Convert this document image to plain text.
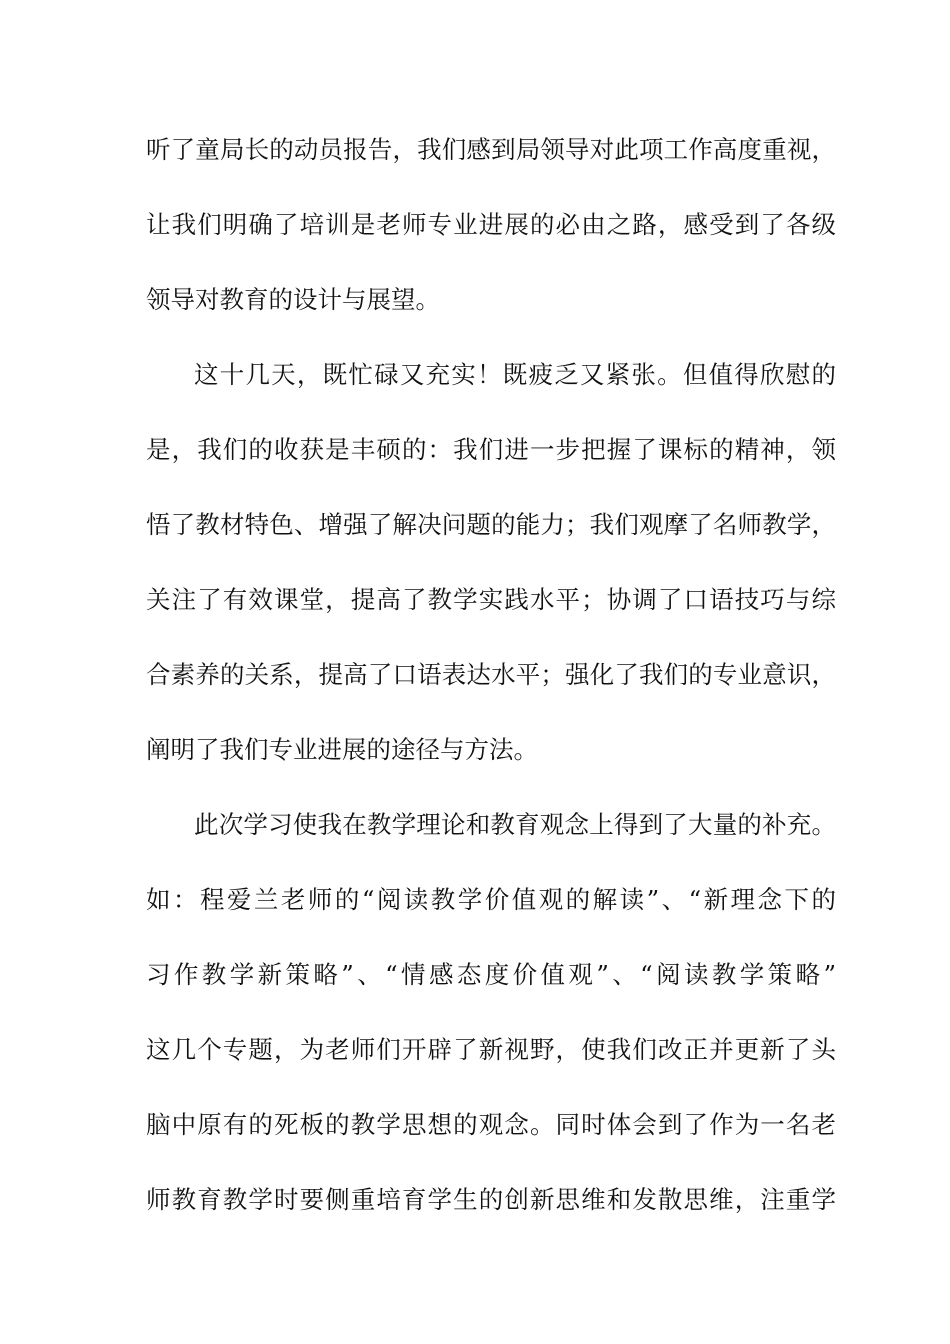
听了童局长的动员报告，我们感到局领导对此项工作高度重视，
让我们明确了培训是老师专业进展的必由之路，感受到了各级
领导对教育的设计与展望。
这十几天，既忙碌又充实！既疲乏又紧张。但值得欣慰的
是，我们的收获是丰硕的：我们进一步把握了课标的精神，领
悟了教材特色、增强了解决问题的能力；我们观摩了名师教学，
关注了有效课堂，提高了教学实践水平；协调了口语技巧与综
合素养的关系，提高了口语表达水平；强化了我们的专业意识，
阐明了我们专业进展的途径与方法。
此次学习使我在教学理论和教育观念上得到了大量的补充。
如：程爱兰老师的“阅读教学价值观的解读”、“新理念下的
习作教学新策略”、“情感态度价值观”、“阅读教学策略”
这几个专题，为老师们开辟了新视野，使我们改正并更新了头
脑中原有的死板的教学思想的观念。同时体会到了作为一名老
师教育教学时要侧重培育学生的创新思维和发散思维，注重学
